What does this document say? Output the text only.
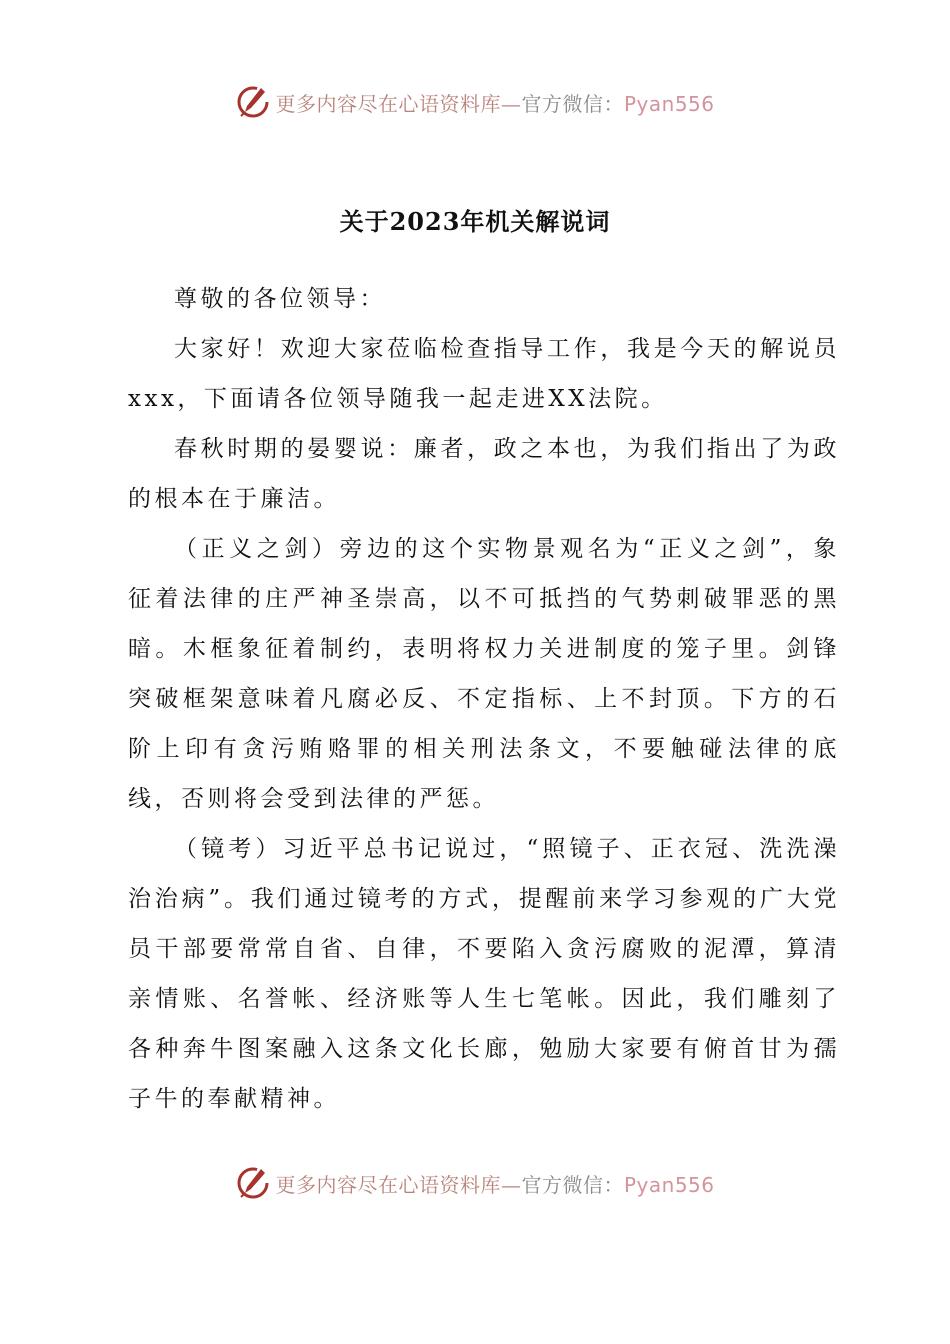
更多内容尽在心语资料库—官方微信：Pyan556
关于2023年机关解说词

尊敬的各位领导：

大家好！欢迎大家莅临检查指导工作，我是今天的解说员xxx，下面请各位领导随我一起走进XX法院。

春秋时期的晏婴说：廉者，政之本也，为我们指出了为政的根本在于廉洁。

（正义之剑）旁边的这个实物景观名为“正义之剑”，象征着法律的庄严神圣崇高，以不可抵挡的气势刺破罪恶的黑暗。木框象征着制约，表明将权力关进制度的笼子里。剑锋突破框架意味着凡腐必反、不定指标、上不封顶。下方的石阶上印有贪污贿赂罪的相关刑法条文，不要触碰法律的底线，否则将会受到法律的严惩。

（镜考）习近平总书记说过，“照镜子、正衣冠、洗洗澡治治病”。我们通过镜考的方式，提醒前来学习参观的广大党员干部要常常自省、自律，不要陷入贪污腐败的泥潭，算清亲情账、名誉帐、经济账等人生七笔帐。因此，我们雕刻了各种奔牛图案融入这条文化长廊，勉励大家要有俯首甘为孺子牛的奉献精神。

更多内容尽在心语资料库—官方微信：Pyan556
